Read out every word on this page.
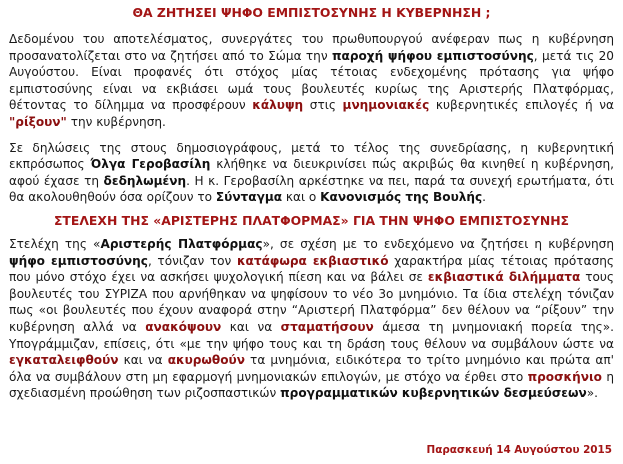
ΘΑ ΖΗΤΗΣΕΙ ΨΗΦΟ ΕΜΠΙΣΤΟΣΥΝΗΣ Η ΚΥΒΕΡΝΗΣΗ ;

Δεδομένου του αποτελέσματος, συνεργάτες του πρωθυπουργού ανέφεραν πως η κυβέρνηση προσανατολίζεται στο να ζητήσει από το Σώμα την παροχή ψήφου εμπιστοσύνης, μετά τις 20 Αυγούστου. Είναι προφανές ότι στόχος μίας τέτοιας ενδεχομένης πρότασης για ψήφο εμπιστοσύνης είναι να εκβιάσει ωμά τους βουλευτές κυρίως της Αριστερής Πλατφόρμας, θέτοντας το δίλημμα να προσφέρουν κάλυψη στις μνημονιακές κυβερνητικές επιλογές ή να "ρίξουν" την κυβέρνηση.

Σε δηλώσεις της στους δημοσιογράφους, μετά το τέλος της συνεδρίασης, η κυβερνητική εκπρόσωπος Όλγα Γεροβασίλη κλήθηκε να διευκρινίσει πώς ακριβώς θα κινηθεί η κυβέρνηση, αφού έχασε τη δεδηλωμένη. Η κ. Γεροβασίλη αρκέστηκε να πει, παρά τα συνεχή ερωτήματα, ότι θα ακολουθηθούν όσα ορίζουν το Σύνταγμα και ο Κανονισμός της Βουλής.

ΣΤΕΛΕΧΗ ΤΗΣ «ΑΡΙΣΤΕΡΗΣ ΠΛΑΤΦΟΡΜΑΣ» ΓΙΑ ΤΗΝ ΨΗΦΟ ΕΜΠΙΣΤΟΣΥΝΗΣ

Στελέχη της «Αριστερής Πλατφόρμας», σε σχέση με το ενδεχόμενο να ζητήσει η κυβέρνηση ψήφο εμπιστοσύνης, τόνιζαν τον κατάφωρα εκβιαστικό χαρακτήρα μίας τέτοιας πρότασης που μόνο στόχο έχει να ασκήσει ψυχολογική πίεση και να βάλει σε εκβιαστικά διλήμματα τους βουλευτές του ΣΥΡΙΖΑ που αρνήθηκαν να ψηφίσουν το νέο 3ο μνημόνιο. Τα ίδια στελέχη τόνιζαν πως «οι βουλευτές που έχουν αναφορά στην “Αριστερή Πλατφόρμα” δεν θέλουν να “ρίξουν” την κυβέρνηση αλλά να ανακόψουν και να σταματήσουν άμεσα τη μνημονιακή πορεία της». Υπογράμμιζαν, επίσεις, ότι «με την ψήφο τους και τη δράση τους θέλουν να συμβάλουν ώστε να εγκαταλειφθούν και να ακυρωθούν τα μνημόνια, ειδικότερα το τρίτο μνημόνιο και πρώτα απ' όλα να συμβάλουν στη μη εφαρμογή μνημονιακών επιλογών, με στόχο να έρθει στο προσκήνιο η σχεδιασμένη προώθηση των ριζοσπαστικών προγραμματικών κυβερνητικών δεσμεύσεων».

Παρασκευή 14 Αυγούστου 2015
